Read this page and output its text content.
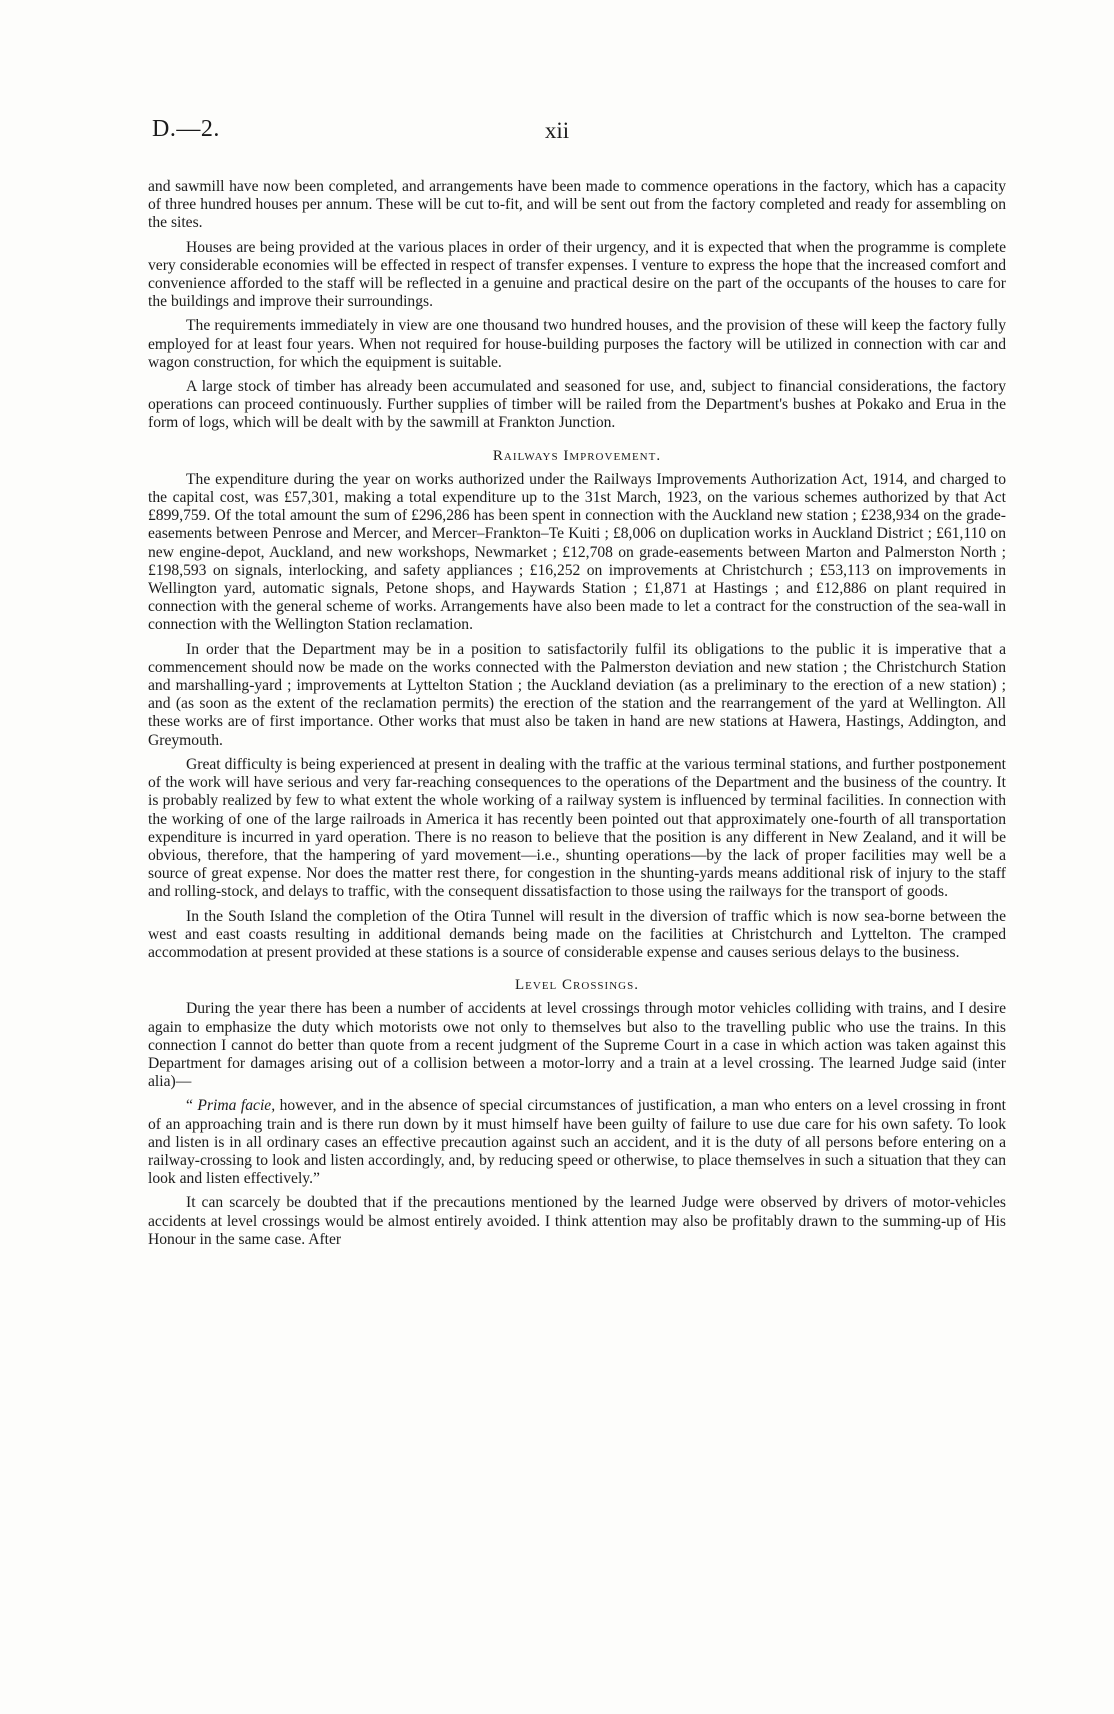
D.—2.	xii

and sawmill have now been completed, and arrangements have been made to commence operations in the factory, which has a capacity of three hundred houses per annum. These will be cut to-fit, and will be sent out from the factory completed and ready for assembling on the sites.

Houses are being provided at the various places in order of their urgency, and it is expected that when the programme is complete very considerable economies will be effected in respect of transfer expenses. I venture to express the hope that the increased comfort and convenience afforded to the staff will be reflected in a genuine and practical desire on the part of the occupants of the houses to care for the buildings and improve their surroundings.

The requirements immediately in view are one thousand two hundred houses, and the provision of these will keep the factory fully employed for at least four years. When not required for house-building purposes the factory will be utilized in connection with car and wagon construction, for which the equipment is suitable.

A large stock of timber has already been accumulated and seasoned for use, and, subject to financial considerations, the factory operations can proceed continuously. Further supplies of timber will be railed from the Department's bushes at Pokako and Erua in the form of logs, which will be dealt with by the sawmill at Frankton Junction.

Railways Improvement.

The expenditure during the year on works authorized under the Railways Improvements Authorization Act, 1914, and charged to the capital cost, was £57,301, making a total expenditure up to the 31st March, 1923, on the various schemes authorized by that Act £899,759. Of the total amount the sum of £296,286 has been spent in connection with the Auckland new station ; £238,934 on the grade-easements between Penrose and Mercer, and Mercer–Frankton–Te Kuiti ; £8,006 on duplication works in Auckland District ; £61,110 on new engine-depot, Auckland, and new workshops, Newmarket ; £12,708 on grade-easements between Marton and Palmerston North ; £198,593 on signals, interlocking, and safety appliances ; £16,252 on improvements at Christchurch ; £53,113 on improvements in Wellington yard, automatic signals, Petone shops, and Haywards Station ; £1,871 at Hastings ; and £12,886 on plant required in connection with the general scheme of works. Arrangements have also been made to let a contract for the construction of the sea-wall in connection with the Wellington Station reclamation.

In order that the Department may be in a position to satisfactorily fulfil its obligations to the public it is imperative that a commencement should now be made on the works connected with the Palmerston deviation and new station ; the Christchurch Station and marshalling-yard ; improvements at Lyttelton Station ; the Auckland deviation (as a preliminary to the erection of a new station) ; and (as soon as the extent of the reclamation permits) the erection of the station and the rearrangement of the yard at Wellington. All these works are of first importance. Other works that must also be taken in hand are new stations at Hawera, Hastings, Addington, and Greymouth.

Great difficulty is being experienced at present in dealing with the traffic at the various terminal stations, and further postponement of the work will have serious and very far-reaching consequences to the operations of the Department and the business of the country. It is probably realized by few to what extent the whole working of a railway system is influenced by terminal facilities. In connection with the working of one of the large railroads in America it has recently been pointed out that approximately one-fourth of all transportation expenditure is incurred in yard operation. There is no reason to believe that the position is any different in New Zealand, and it will be obvious, therefore, that the hampering of yard movement—i.e., shunting operations—by the lack of proper facilities may well be a source of great expense. Nor does the matter rest there, for congestion in the shunting-yards means additional risk of injury to the staff and rolling-stock, and delays to traffic, with the consequent dissatisfaction to those using the railways for the transport of goods.

In the South Island the completion of the Otira Tunnel will result in the diversion of traffic which is now sea-borne between the west and east coasts resulting in additional demands being made on the facilities at Christchurch and Lyttelton. The cramped accommodation at present provided at these stations is a source of considerable expense and causes serious delays to the business.

Level Crossings.

During the year there has been a number of accidents at level crossings through motor vehicles colliding with trains, and I desire again to emphasize the duty which motorists owe not only to themselves but also to the travelling public who use the trains. In this connection I cannot do better than quote from a recent judgment of the Supreme Court in a case in which action was taken against this Department for damages arising out of a collision between a motor-lorry and a train at a level crossing. The learned Judge said (inter alia)—

“ Prima facie, however, and in the absence of special circumstances of justification, a man who enters on a level crossing in front of an approaching train and is there run down by it must himself have been guilty of failure to use due care for his own safety. To look and listen is in all ordinary cases an effective precaution against such an accident, and it is the duty of all persons before entering on a railway-crossing to look and listen accordingly, and, by reducing speed or otherwise, to place themselves in such a situation that they can look and listen effectively.”

It can scarcely be doubted that if the precautions mentioned by the learned Judge were observed by drivers of motor-vehicles accidents at level crossings would be almost entirely avoided. I think attention may also be profitably drawn to the summing-up of His Honour in the same case. After
